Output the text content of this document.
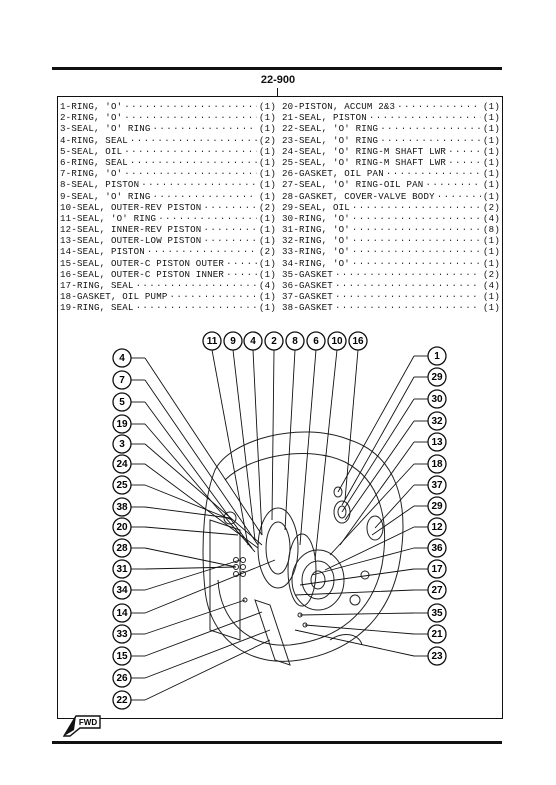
22-900
1-RING, 'O' ·····	(1)
2-RING, 'O' ·····	(1)
3-SEAL, 'O' RING ·····	(1)
4-RING, SEAL ·····	(2)
5-SEAL, OIL ·····	(1)
6-RING, SEAL ·····	(1)
7-RING, 'O' ·····	(1)
8-SEAL, PISTON ·····	(1)
9-SEAL, 'O' RING ·····	(1)
10-SEAL, OUTER-REV PISTON ·····	(2)
11-SEAL, 'O' RING ·····	(1)
12-SEAL, INNER-REV PISTON ·····	(1)
13-SEAL, OUTER-LOW PISTON ·····	(1)
14-SEAL, PISTON ·····	(2)
15-SEAL, OUTER-C PISTON OUTER ·····	(1)
16-SEAL, OUTER-C PISTON INNER ·····	(1)
17-RING, SEAL ·····	(4)
18-GASKET, OIL PUMP ·····	(1)
19-RING, SEAL ·····	(1)
20-PISTON, ACCUM 2&3 ·····	(1)
21-SEAL, PISTON ·····	(1)
22-SEAL, 'O' RING ·····	(1)
23-SEAL, 'O' RING ·····	(1)
24-SEAL, 'O' RING-M SHAFT LWR ·····	(1)
25-SEAL, 'O' RING-M SHAFT LWR ·····	(1)
26-GASKET, OIL PAN ·····	(1)
27-SEAL, 'O' RING-OIL PAN ·····	(1)
28-GASKET, COVER-VALVE BODY ·····	(1)
29-SEAL, OIL ·····	(2)
30-RING, 'O' ·····	(4)
31-RING, 'O' ·····	(8)
32-RING, 'O' ·····	(1)
33-RING, 'O' ·····	(1)
34-RING, 'O' ·····	(1)
35-GASKET ·····	(2)
36-GASKET ·····	(4)
37-GASKET ·····	(1)
38-GASKET ·····	(1)
11 9 4 2 8 6 10 16
4
7
5
19
3
24
25
38
20
28
31
34
14
33
15
26
22
1
29
30
32
13
18
37
29
12
36
17
27
35
21
23
FWD
